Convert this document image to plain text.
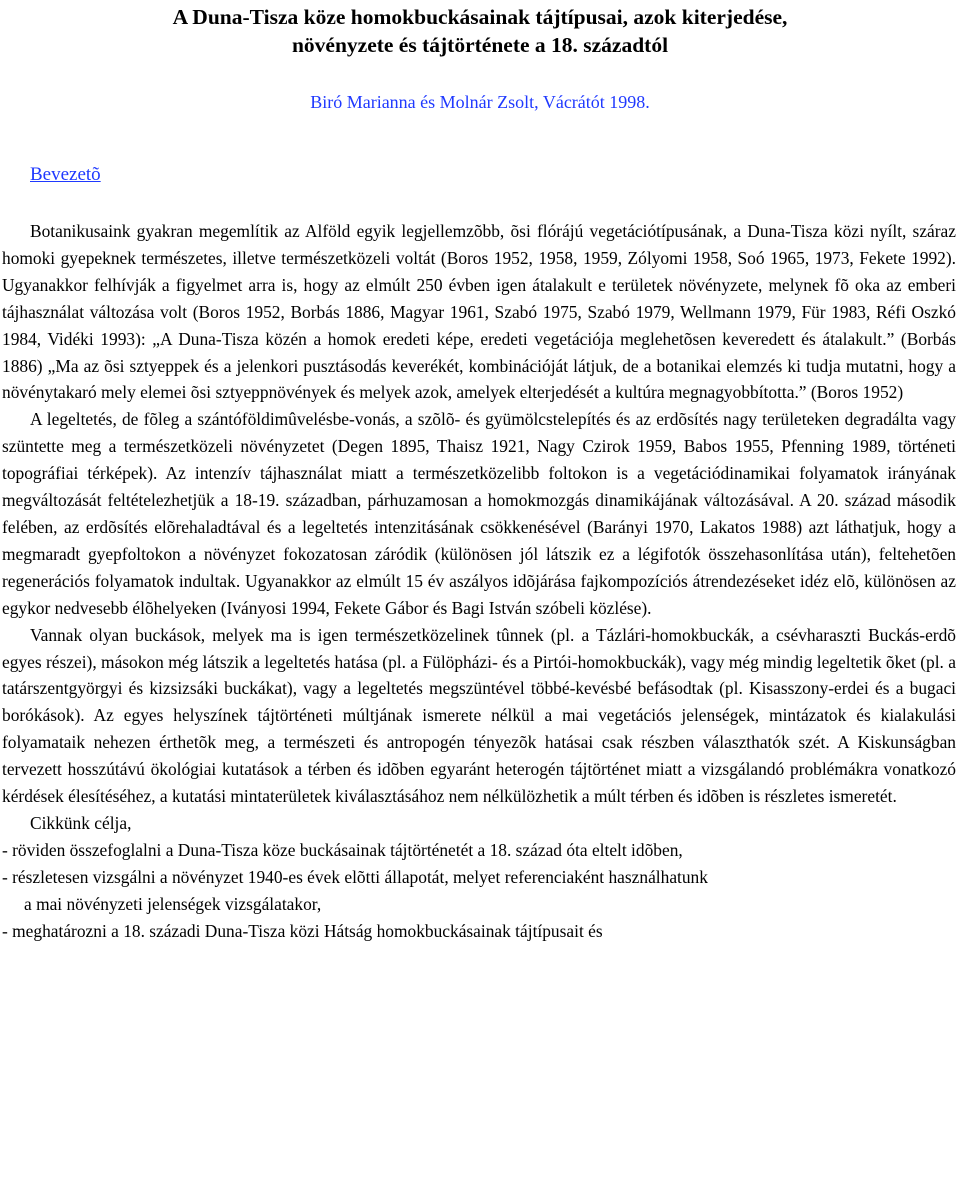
A Duna-Tisza köze homokbuckásainak tájtípusai, azok kiterjedése,
növényzete és tájtörténete a 18. századtól
Biró Marianna és Molnár Zsolt, Vácrátót 1998.
Bevezetõ

Botanikusaink gyakran megemlítik az Alföld egyik legjellemzõbb, õsi flórájú vegetációtípusának, a Duna-Tisza közi nyílt, száraz homoki gyepeknek természetes, illetve természetközeli voltát (Boros 1952, 1958, 1959, Zólyomi 1958, Soó 1965, 1973, Fekete 1992). Ugyanakkor felhívják a figyelmet arra is, hogy az elmúlt 250 évben igen átalakult e területek növényzete, melynek fõ oka az emberi tájhasználat változása volt (Boros 1952, Borbás 1886, Magyar 1961, Szabó 1975, Szabó 1979, Wellmann 1979, Für 1983, Réfi Oszkó 1984, Vidéki 1993): „A Duna-Tisza közén a homok eredeti képe, eredeti vegetációja meglehetõsen keveredett és átalakult.” (Borbás 1886) „Ma az õsi sztyeppek és a jelenkori pusztásodás keverékét, kombinációját látjuk, de a botanikai elemzés ki tudja mutatni, hogy a növénytakaró mely elemei õsi sztyeppnövények és melyek azok, amelyek elterjedését a kultúra megnagyobbította.” (Boros 1952)

A legeltetés, de fõleg a szántóföldimûvelésbe-vonás, a szõlõ- és gyümölcstelepítés és az erdõsítés nagy területeken degradálta vagy szüntette meg a természetközeli növényzetet (Degen 1895, Thaisz 1921, Nagy Czirok 1959, Babos 1955, Pfenning 1989, történeti topográfiai térképek). Az intenzív tájhasználat miatt a természetközelibb foltokon is a vegetációdinamikai folyamatok irányának megváltozását feltételezhetjük a 18-19. században, párhuzamosan a homokmozgás dinamikájának változásával. A 20. század második felében, az erdõsítés elõrehaladtával és a legeltetés intenzitásának csökkenésével (Barányi 1970, Lakatos 1988) azt láthatjuk, hogy a megmaradt gyepfoltokon a növényzet fokozatosan záródik (különösen jól látszik ez a légifotók összehasonlítása után), feltehetõen regenerációs folyamatok indultak. Ugyanakkor az elmúlt 15 év aszályos idõjárása fajkompozíciós átrendezéseket idéz elõ, különösen az egykor nedvesebb élõhelyeken (Iványosi 1994, Fekete Gábor és Bagi István szóbeli közlése).

Vannak olyan buckások, melyek ma is igen természetközelinek tûnnek (pl. a Tázlári-homokbuckák, a csévharaszti Buckás-erdõ egyes részei), másokon még látszik a legeltetés hatása (pl. a Fülöpházi- és a Pirtói-homokbuckák), vagy még mindig legeltetik õket (pl. a tatárszentgyörgyi és kizsizsáki buckákat), vagy a legeltetés megszüntével többé-kevésbé befásodtak (pl. Kisasszony-erdei és a bugaci borókások). Az egyes helyszínek tájtörténeti múltjának ismerete nélkül a mai vegetációs jelenségek, mintázatok és kialakulási folyamataik nehezen érthetõk meg, a természeti és antropogén tényezõk hatásai csak részben választhatók szét. A Kiskunságban tervezett hosszútávú ökológiai kutatások a térben és idõben egyaránt heterogén tájtörténet miatt a vizsgálandó problémákra vonatkozó kérdések élesítéséhez, a kutatási mintaterületek kiválasztásához nem nélkülözhetik a múlt térben és idõben is részletes ismeretét.

Cikkünk célja,

- röviden összefoglalni a Duna-Tisza köze buckásainak tájtörténetét a 18. század óta eltelt idõben,
- részletesen vizsgálni a növényzet 1940-es évek elõtti állapotát, melyet referenciaként használhatunk
a mai növényzeti jelenségek vizsgálatakor,
- meghatározni a 18. századi Duna-Tisza közi Hátság homokbuckásainak tájtípusait és
